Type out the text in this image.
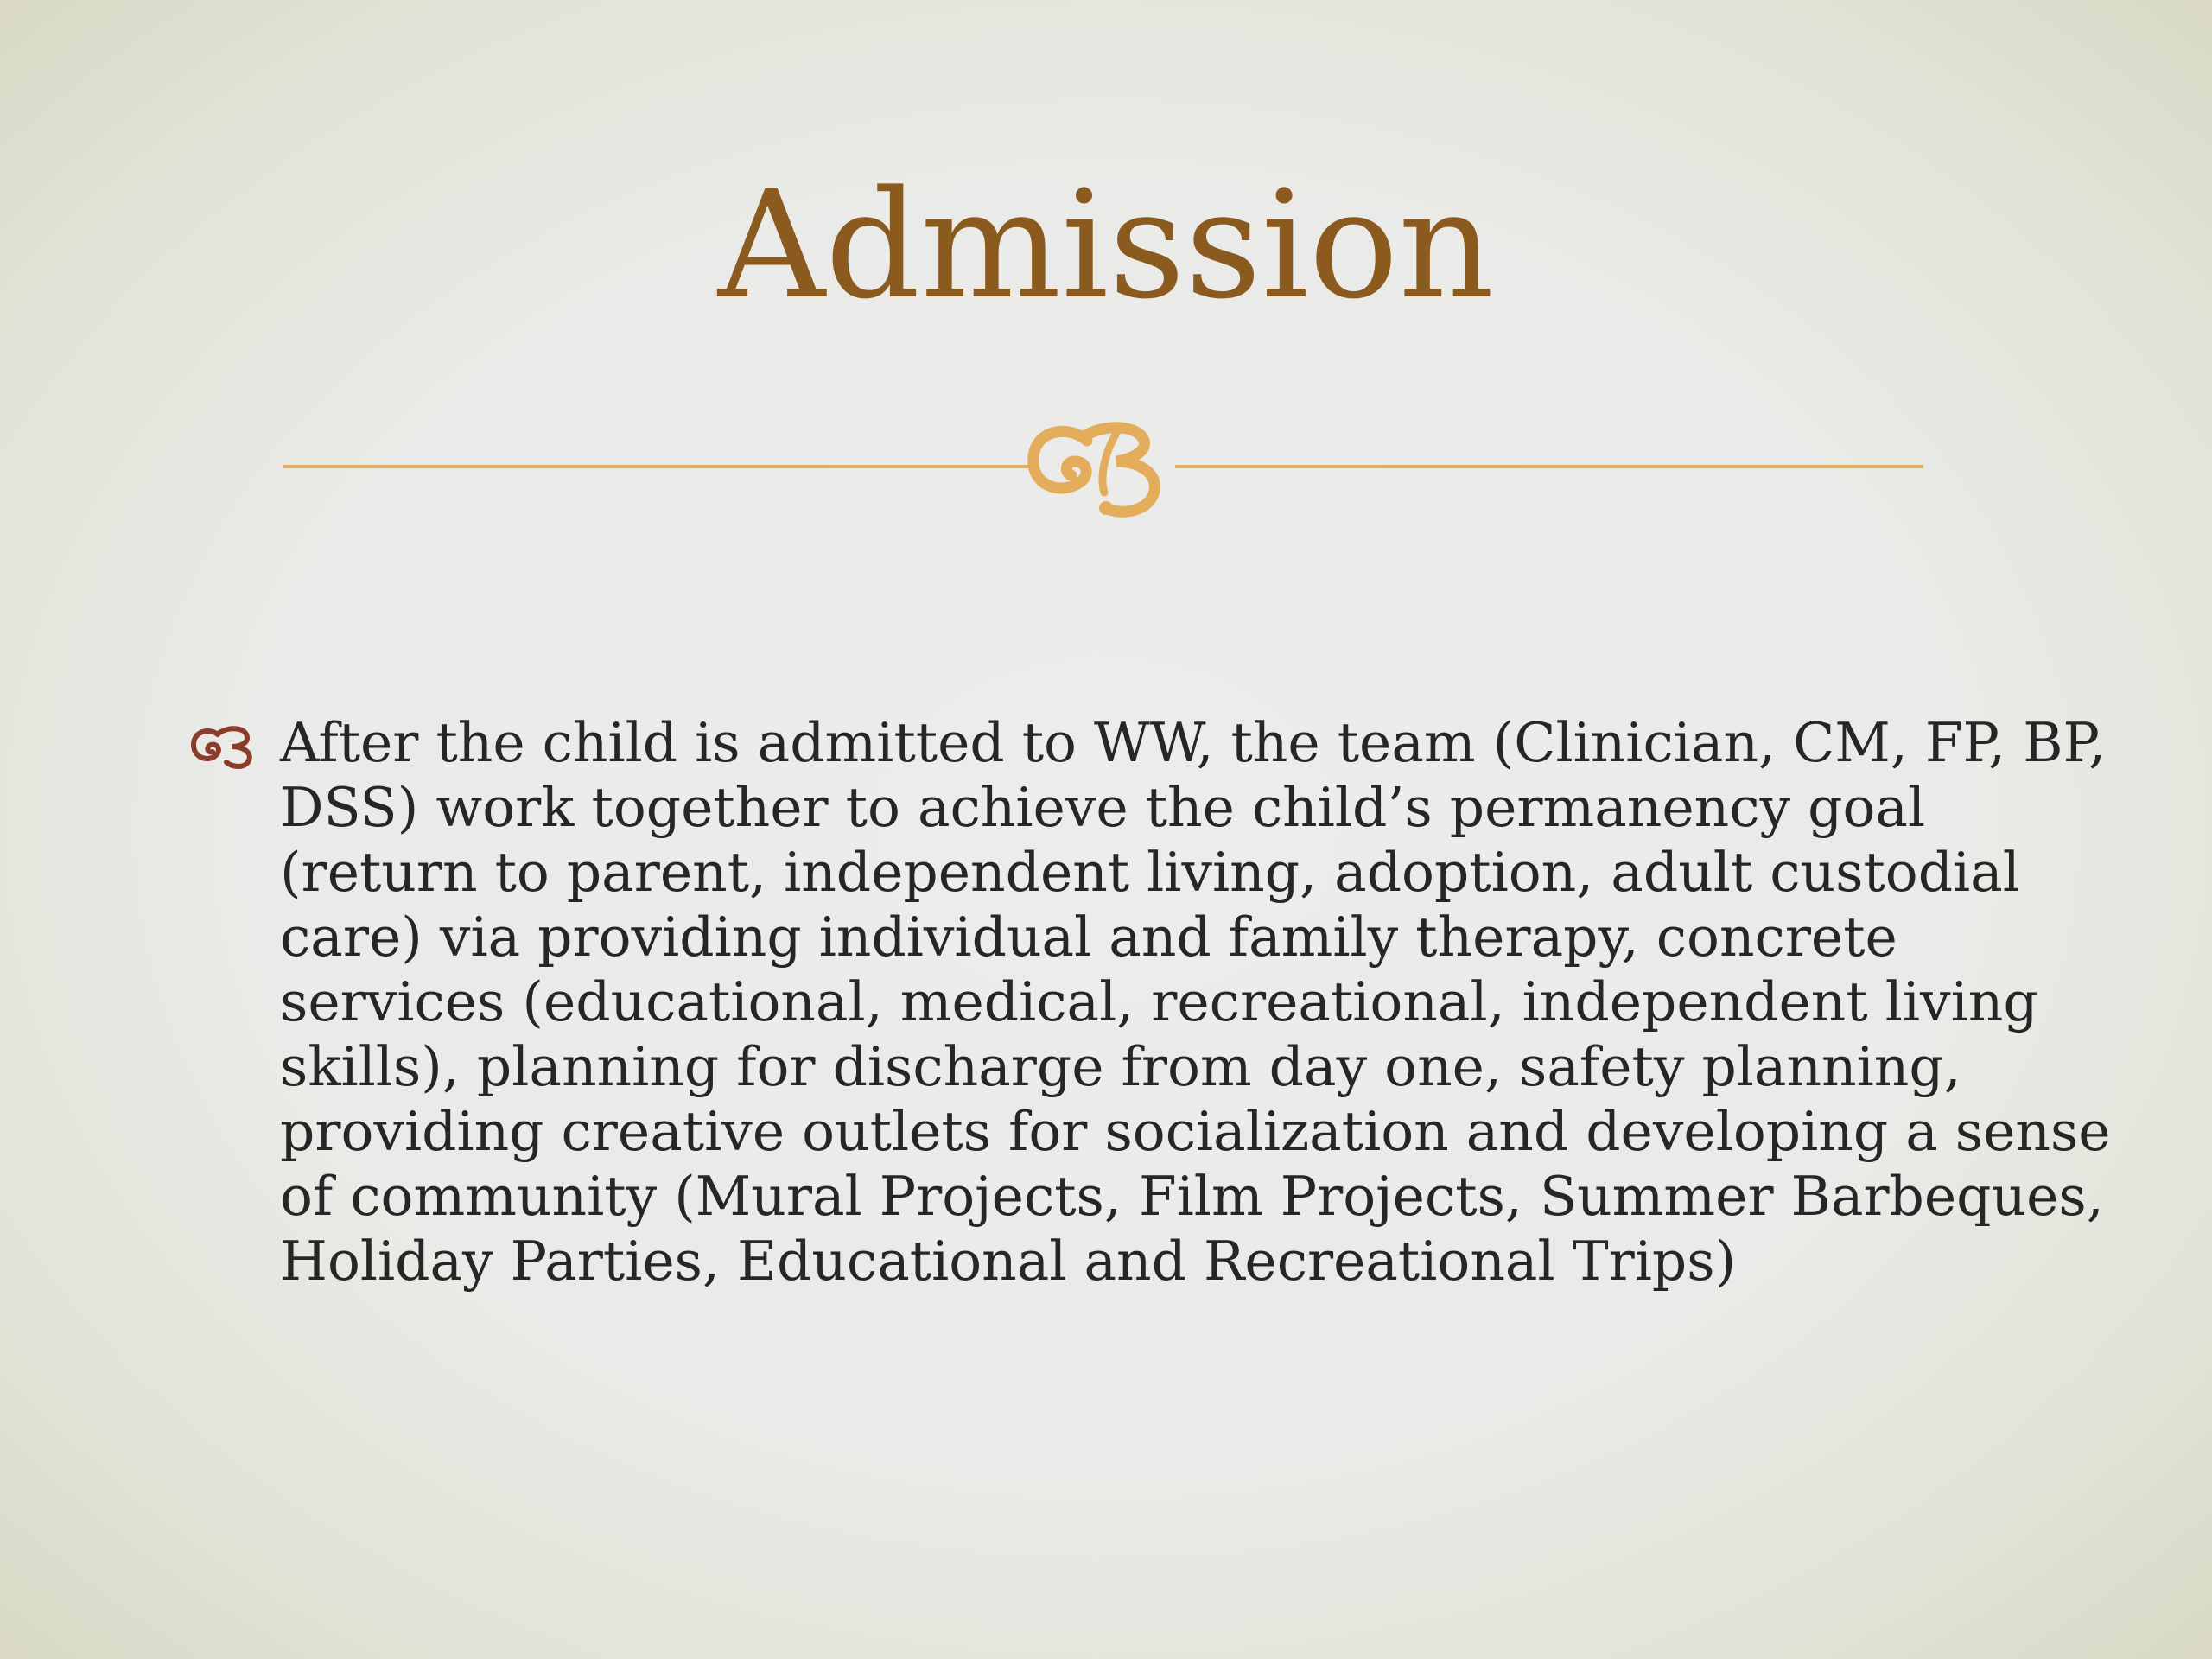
Admission
After the child is admitted to WW, the team (Clinician, CM, FP, BP, DSS) work together to achieve the child’s permanency goal (return to parent, independent living, adoption, adult custodial care) via providing individual and family therapy, concrete services (educational, medical, recreational, independent living skills), planning for discharge from day one, safety planning, providing creative outlets for socialization and developing a sense of community (Mural Projects, Film Projects, Summer Barbeques, Holiday Parties, Educational and Recreational Trips)
